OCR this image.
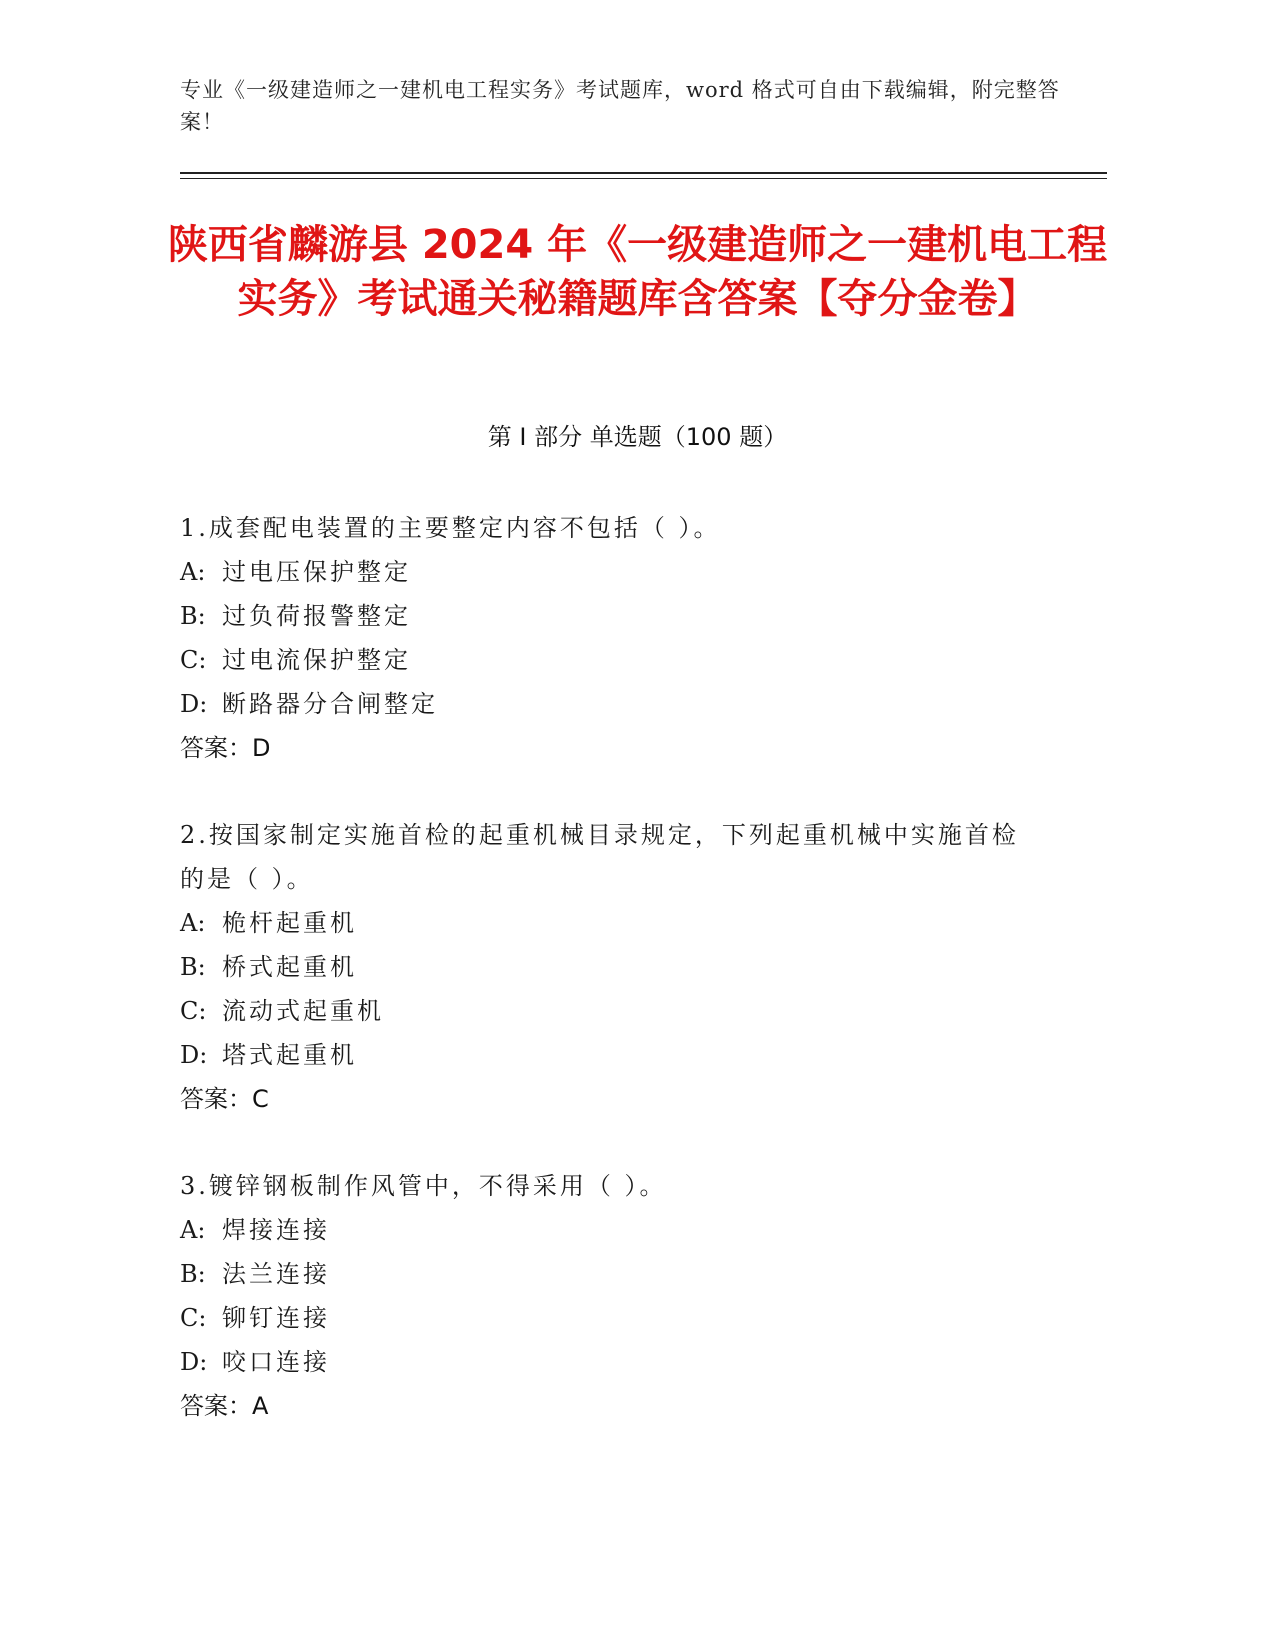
专业《一级建造师之一建机电工程实务》考试题库，word 格式可自由下载编辑，附完整答案！
陕西省麟游县 2024 年《一级建造师之一建机电工程实务》考试通关秘籍题库含答案【夺分金卷】
第 I 部分 单选题（100 题）

1.成套配电装置的主要整定内容不包括（ ）。

A: 过电压保护整定

B: 过负荷报警整定

C: 过电流保护整定

D: 断路器分合闸整定

答案：D

2.按国家制定实施首检的起重机械目录规定，下列起重机械中实施首检的是（ ）。

A: 桅杆起重机

B: 桥式起重机

C: 流动式起重机

D: 塔式起重机

答案：C

3.镀锌钢板制作风管中，不得采用（ ）。

A: 焊接连接

B: 法兰连接

C: 铆钉连接

D: 咬口连接

答案：A
